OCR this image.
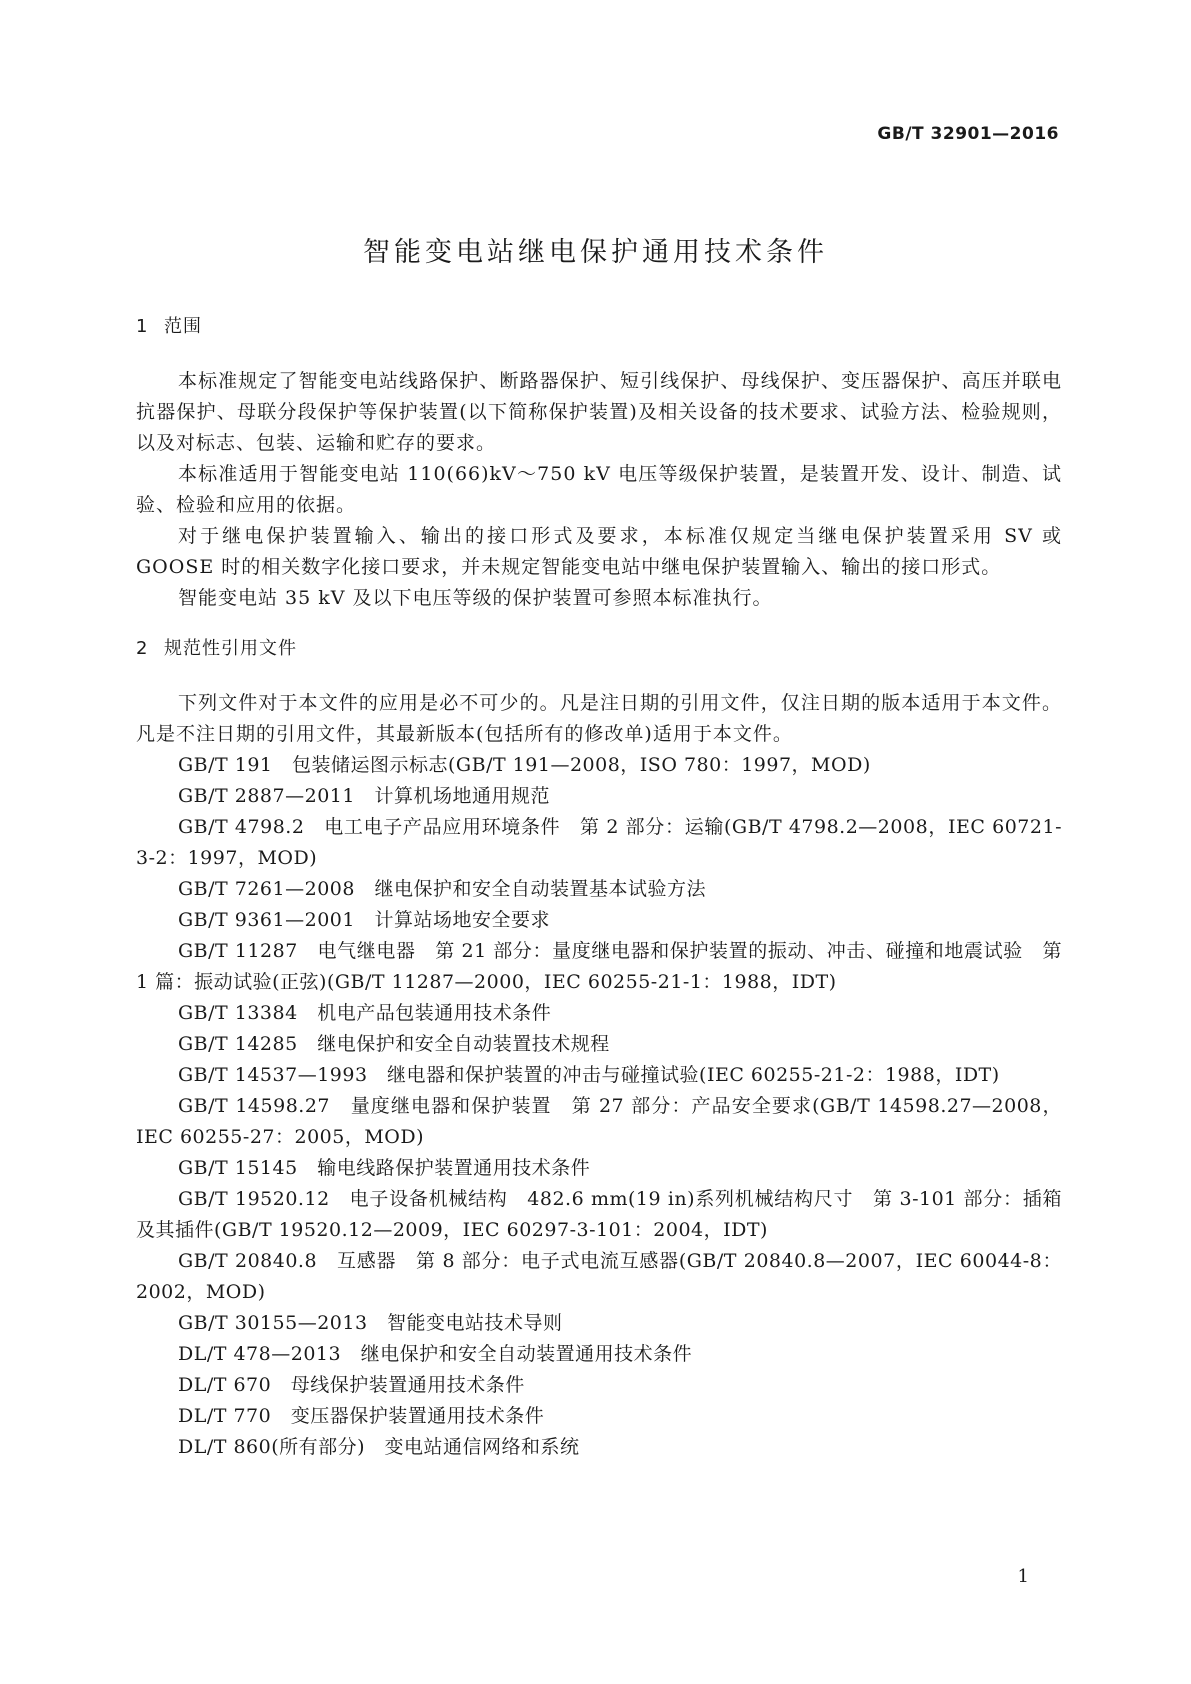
GB/T 32901—2016
智能变电站继电保护通用技术条件
1 范围

本标准规定了智能变电站线路保护、断路器保护、短引线保护、母线保护、变压器保护、高压并联电抗器保护、母联分段保护等保护装置(以下简称保护装置)及相关设备的技术要求、试验方法、检验规则，以及对标志、包装、运输和贮存的要求。

本标准适用于智能变电站 110(66)kV～750 kV 电压等级保护装置，是装置开发、设计、制造、试验、检验和应用的依据。

对于继电保护装置输入、输出的接口形式及要求，本标准仅规定当继电保护装置采用 SV 或 GOOSE 时的相关数字化接口要求，并未规定智能变电站中继电保护装置输入、输出的接口形式。

智能变电站 35 kV 及以下电压等级的保护装置可参照本标准执行。

2 规范性引用文件

下列文件对于本文件的应用是必不可少的。凡是注日期的引用文件，仅注日期的版本适用于本文件。凡是不注日期的引用文件，其最新版本(包括所有的修改单)适用于本文件。

GB/T 191　包装储运图示标志(GB/T 191—2008，ISO 780：1997，MOD)
GB/T 2887—2011　计算机场地通用规范
GB/T 4798.2　电工电子产品应用环境条件　第 2 部分：运输(GB/T 4798.2—2008，IEC 60721-3-2：1997，MOD)
GB/T 7261—2008　继电保护和安全自动装置基本试验方法
GB/T 9361—2001　计算站场地安全要求
GB/T 11287　电气继电器　第 21 部分：量度继电器和保护装置的振动、冲击、碰撞和地震试验　第 1 篇：振动试验(正弦)(GB/T 11287—2000，IEC 60255-21-1：1988，IDT)
GB/T 13384　机电产品包装通用技术条件
GB/T 14285　继电保护和安全自动装置技术规程
GB/T 14537—1993　继电器和保护装置的冲击与碰撞试验(IEC 60255-21-2：1988，IDT)
GB/T 14598.27　量度继电器和保护装置　第 27 部分：产品安全要求(GB/T 14598.27—2008，IEC 60255-27：2005，MOD)
GB/T 15145　输电线路保护装置通用技术条件
GB/T 19520.12　电子设备机械结构　482.6 mm(19 in)系列机械结构尺寸　第 3-101 部分：插箱及其插件(GB/T 19520.12—2009，IEC 60297-3-101：2004，IDT)
GB/T 20840.8　互感器　第 8 部分：电子式电流互感器(GB/T 20840.8—2007，IEC 60044-8：2002，MOD)
GB/T 30155—2013　智能变电站技术导则
DL/T 478—2013　继电保护和安全自动装置通用技术条件
DL/T 670　母线保护装置通用技术条件
DL/T 770　变压器保护装置通用技术条件
DL/T 860(所有部分)　变电站通信网络和系统
1
